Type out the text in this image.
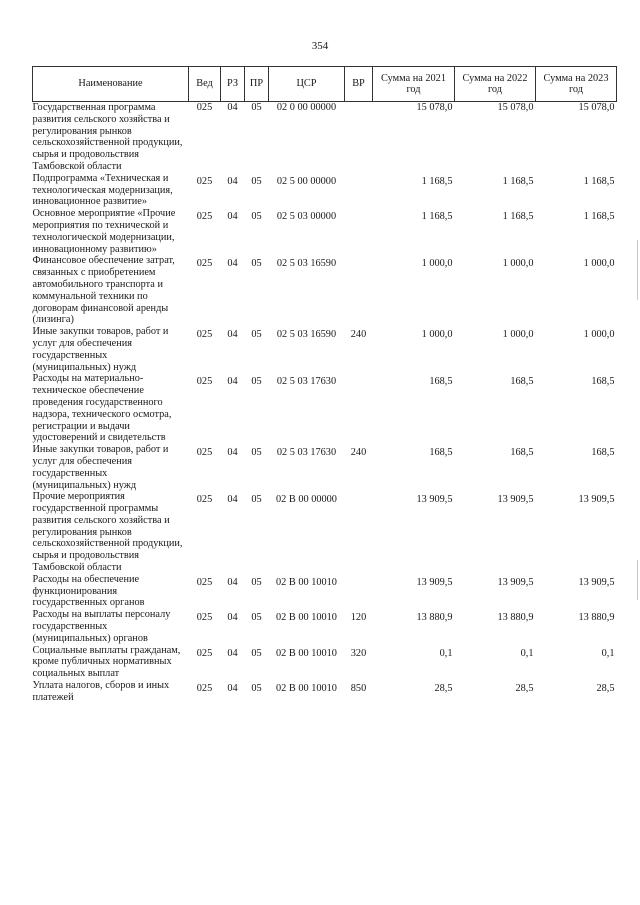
354
Наименование	Вед	РЗ	ПР	ЦСР	ВР	Сумма на 2021 год	Сумма на 2022 год	Сумма на 2023 год
Государственная программа развития сельского хозяйства и регулирования рынков сельскохозяйственной продукции, сырья и продовольствия Тамбовской области	025	04	05	02 0 00 00000		15 078,0	15 078,0	15 078,0
Подпрограмма «Техническая и технологическая модернизация, инновационное развитие»	025	04	05	02 5 00 00000		1 168,5	1 168,5	1 168,5
Основное мероприятие «Прочие мероприятия по технической и технологической модернизации, инновационному развитию»	025	04	05	02 5 03 00000		1 168,5	1 168,5	1 168,5
Финансовое обеспечение затрат, связанных с приобретением автомобильного транспорта и коммунальной техники по договорам финансовой аренды (лизинга)	025	04	05	02 5 03 16590		1 000,0	1 000,0	1 000,0
Иные закупки товаров, работ и услуг для обеспечения государственных (муниципальных) нужд	025	04	05	02 5 03 16590	240	1 000,0	1 000,0	1 000,0
Расходы на материально-техническое обеспечение проведения государственного надзора, технического осмотра, регистрации и выдачи удостоверений и свидетельств	025	04	05	02 5 03 17630		168,5	168,5	168,5
Иные закупки товаров, работ и услуг для обеспечения государственных (муниципальных) нужд	025	04	05	02 5 03 17630	240	168,5	168,5	168,5
Прочие мероприятия государственной программы развития сельского хозяйства и регулирования рынков сельскохозяйственной продукции, сырья и продовольствия Тамбовской области	025	04	05	02 В 00 00000		13 909,5	13 909,5	13 909,5
Расходы на обеспечение функционирования государственных органов	025	04	05	02 В 00 10010		13 909,5	13 909,5	13 909,5
Расходы на выплаты персоналу государственных (муниципальных) органов	025	04	05	02 В 00 10010	120	13 880,9	13 880,9	13 880,9
Социальные выплаты гражданам, кроме публичных нормативных социальных выплат	025	04	05	02 В 00 10010	320	0,1	0,1	0,1
Уплата налогов, сборов и иных платежей	025	04	05	02 В 00 10010	850	28,5	28,5	28,5
